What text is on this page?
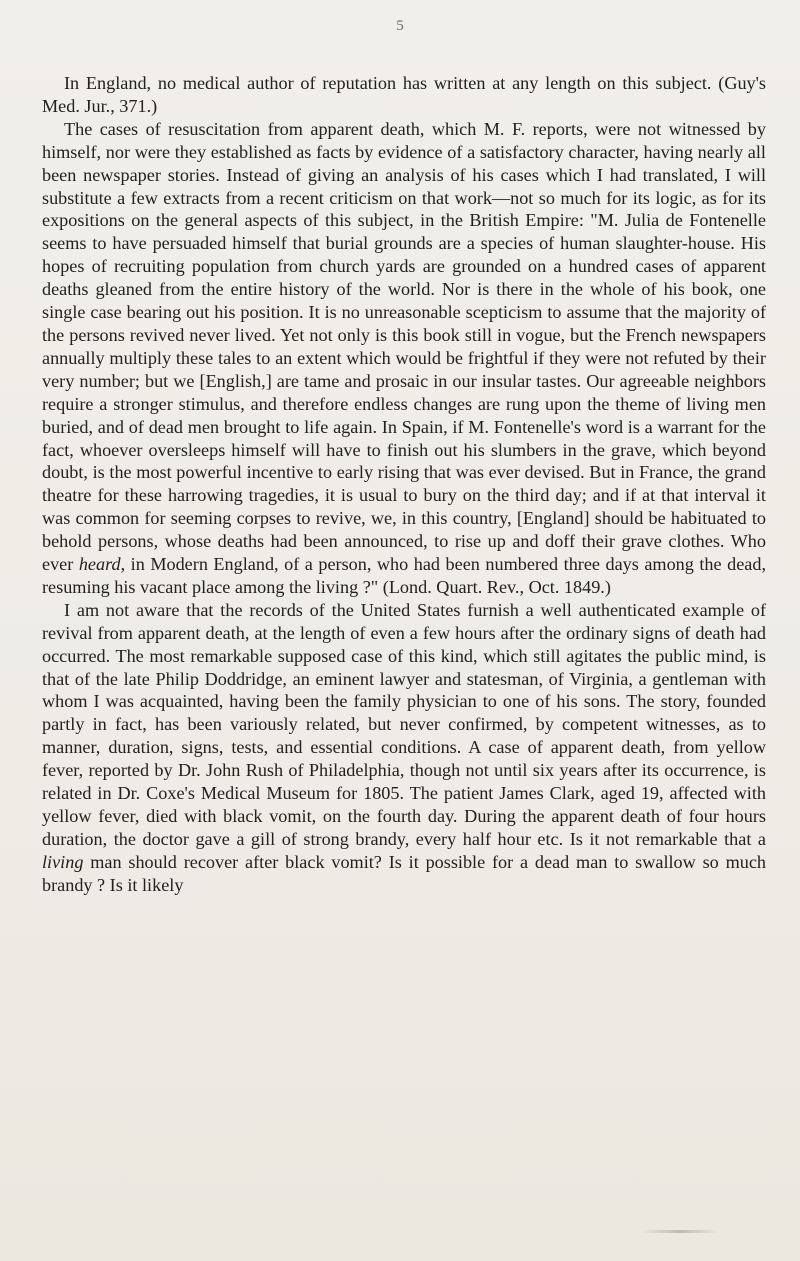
5

In England, no medical author of reputation has written at any length on this subject. (Guy's Med. Jur., 371.)

The cases of resuscitation from apparent death, which M. F. reports, were not witnessed by himself, nor were they established as facts by evidence of a satisfactory character, having nearly all been newspaper stories. Instead of giving an analysis of his cases which I had translated, I will substitute a few extracts from a recent criticism on that work—not so much for its logic, as for its expositions on the general aspects of this subject, in the British Empire: "M. Julia de Fontenelle seems to have persuaded himself that burial grounds are a species of human slaughter-house. His hopes of recruiting population from church yards are grounded on a hundred cases of apparent deaths gleaned from the entire history of the world. Nor is there in the whole of his book, one single case bearing out his position. It is no unreasonable scepticism to assume that the majority of the persons revived never lived. Yet not only is this book still in vogue, but the French newspapers annually multiply these tales to an extent which would be frightful if they were not refuted by their very number; but we [English,] are tame and prosaic in our insular tastes. Our agreeable neighbors require a stronger stimulus, and therefore endless changes are rung upon the theme of living men buried, and of dead men brought to life again. In Spain, if M. Fontenelle's word is a warrant for the fact, whoever oversleeps himself will have to finish out his slumbers in the grave, which beyond doubt, is the most powerful incentive to early rising that was ever devised. But in France, the grand theatre for these harrowing tragedies, it is usual to bury on the third day; and if at that interval it was common for seeming corpses to revive, we, in this country, [England] should be habituated to behold persons, whose deaths had been announced, to rise up and doff their grave clothes. Who ever heard, in Modern England, of a person, who had been numbered three days among the dead, resuming his vacant place among the living ?" (Lond. Quart. Rev., Oct. 1849.)

I am not aware that the records of the United States furnish a well authenticated example of revival from apparent death, at the length of even a few hours after the ordinary signs of death had occurred. The most remarkable supposed case of this kind, which still agitates the public mind, is that of the late Philip Doddridge, an eminent lawyer and statesman, of Virginia, a gentleman with whom I was acquainted, having been the family physician to one of his sons. The story, founded partly in fact, has been variously related, but never confirmed, by competent witnesses, as to manner, duration, signs, tests, and essential conditions. A case of apparent death, from yellow fever, reported by Dr. John Rush of Philadelphia, though not until six years after its occurrence, is related in Dr. Coxe's Medical Museum for 1805. The patient James Clark, aged 19, affected with yellow fever, died with black vomit, on the fourth day. During the apparent death of four hours duration, the doctor gave a gill of strong brandy, every half hour etc. Is it not remarkable that a living man should recover after black vomit? Is it possible for a dead man to swallow so much brandy ? Is it likely
